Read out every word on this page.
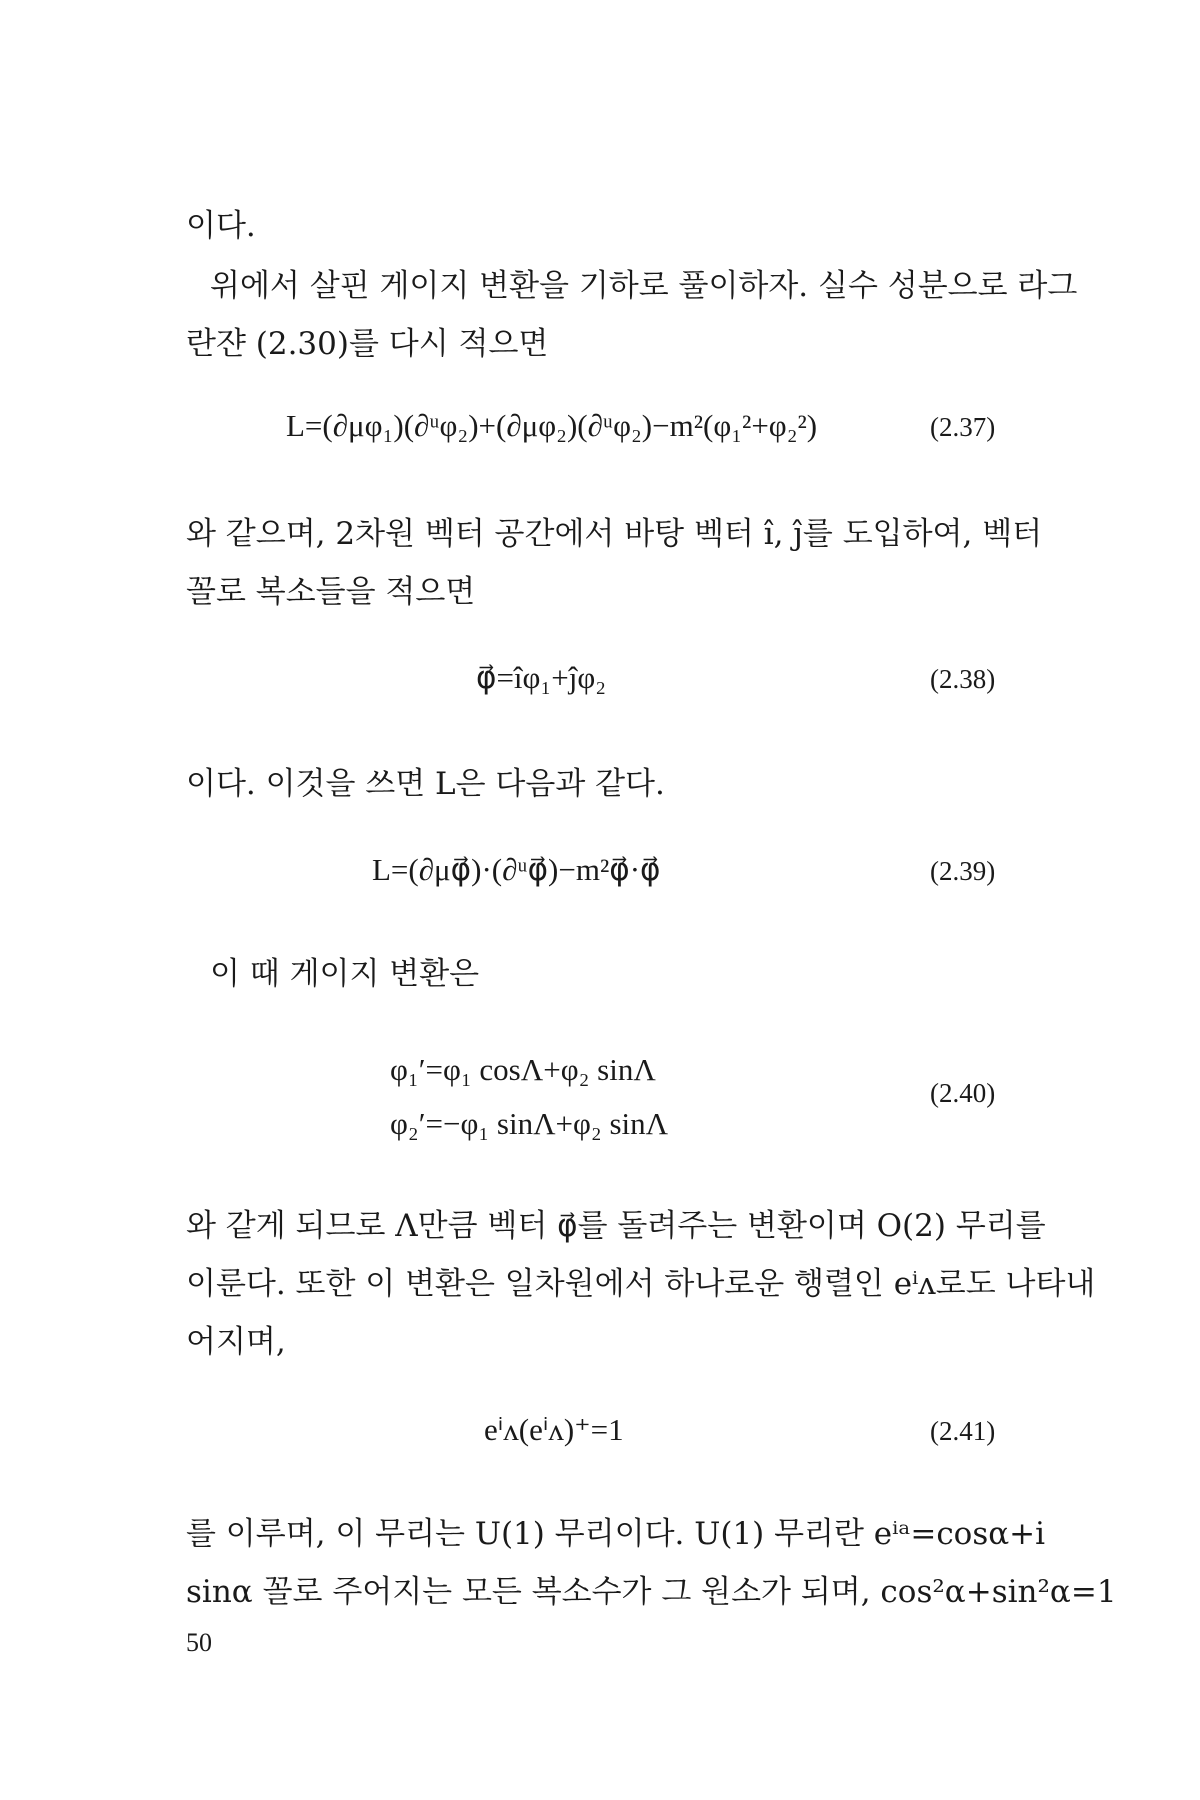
이다.
위에서 살핀 게이지 변환을 기하로 풀이하자. 실수 성분으로 라그
란쟌 (2.30)를 다시 적으면
L=(∂μφ₁)(∂ᵘφ₂)+(∂μφ₂)(∂ᵘφ₂)−m²(φ₁²+φ₂²)	(2.37)
와 같으며, 2차원 벡터 공간에서 바탕 벡터 î, ĵ를 도입하여, 벡터
꼴로 복소들을 적으면
φ⃗=îφ₁+ĵφ₂	(2.38)
이다. 이것을 쓰면 L은 다음과 같다.
L=(∂μφ⃗)·(∂ᵘφ⃗)−m²φ⃗·φ⃗	(2.39)
이 때 게이지 변환은
φ₁′=φ₁ cosΛ+φ₂ sinΛ
φ₂′=−φ₁ sinΛ+φ₂ sinΛ
(2.40)
와 같게 되므로 Λ만큼 벡터 φ⃗를 돌려주는 변환이며 O(2) 무리를
이룬다. 또한 이 변환은 일차원에서 하나로운 행렬인 eⁱᴧ로도 나타내
어지며,
eⁱᴧ(eⁱᴧ)⁺=1	(2.41)
를 이루며, 이 무리는 U(1) 무리이다. U(1) 무리란 eⁱᵃ=cosα+i
sinα 꼴로 주어지는 모든 복소수가 그 원소가 되며, cos²α+sin²α=1
50
